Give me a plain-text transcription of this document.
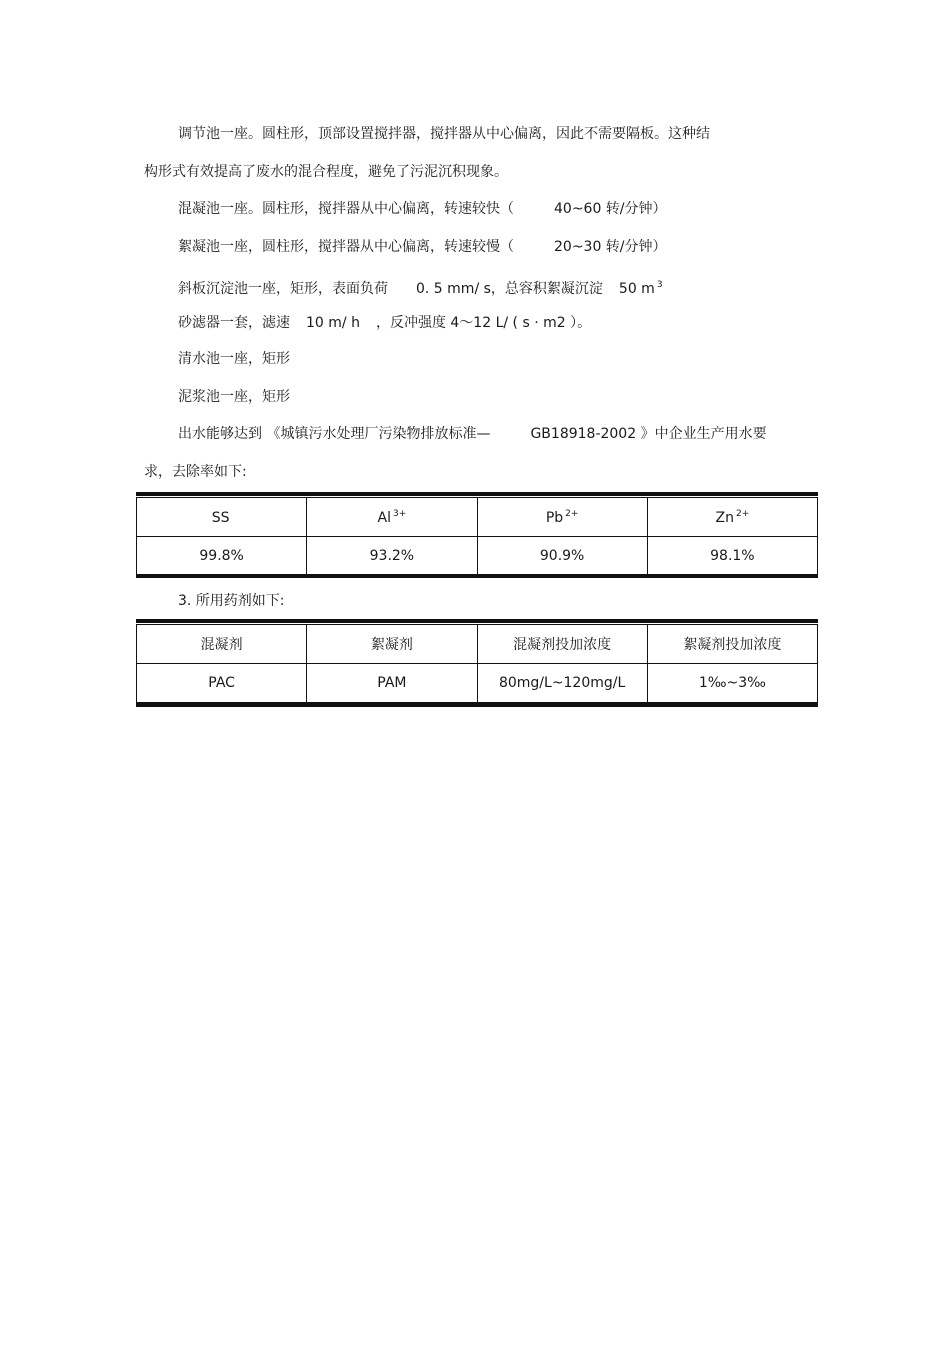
调节池一座。圆柱形，顶部设置搅拌器，搅拌器从中心偏离，因此不需要隔板。这种结
构形式有效提高了废水的混合程度，避免了污泥沉积现象。
混凝池一座。圆柱形，搅拌器从中心偏离，转速较快（	40~60 转/分钟）
絮凝池一座，圆柱形，搅拌器从中心偏离，转速较慢（	20~30 转/分钟）
斜板沉淀池一座，矩形，表面负荷 0. 5 mm/ s，总容积絮凝沉淀 50 m $^3$
砂滤器一套，滤速 10 m/ h ，反冲强度 4～12 L/ ( s · m2 ）。
清水池一座，矩形
泥浆池一座，矩形
出水能够达到 《城镇污水处理厂污染物排放标准—	GB18918-2002 》中企业生产用水要
求，去除率如下:
SS	Al $^{3+}$	Pb $^{2+}$	Zn $^{2+}$
99.8%	93.2%	90.9%	98.1%
3. 所用药剂如下:
混凝剂	絮凝剂	混凝剂投加浓度	絮凝剂投加浓度
PAC	PAM	80mg/L~120mg/L	1‰~3‰
